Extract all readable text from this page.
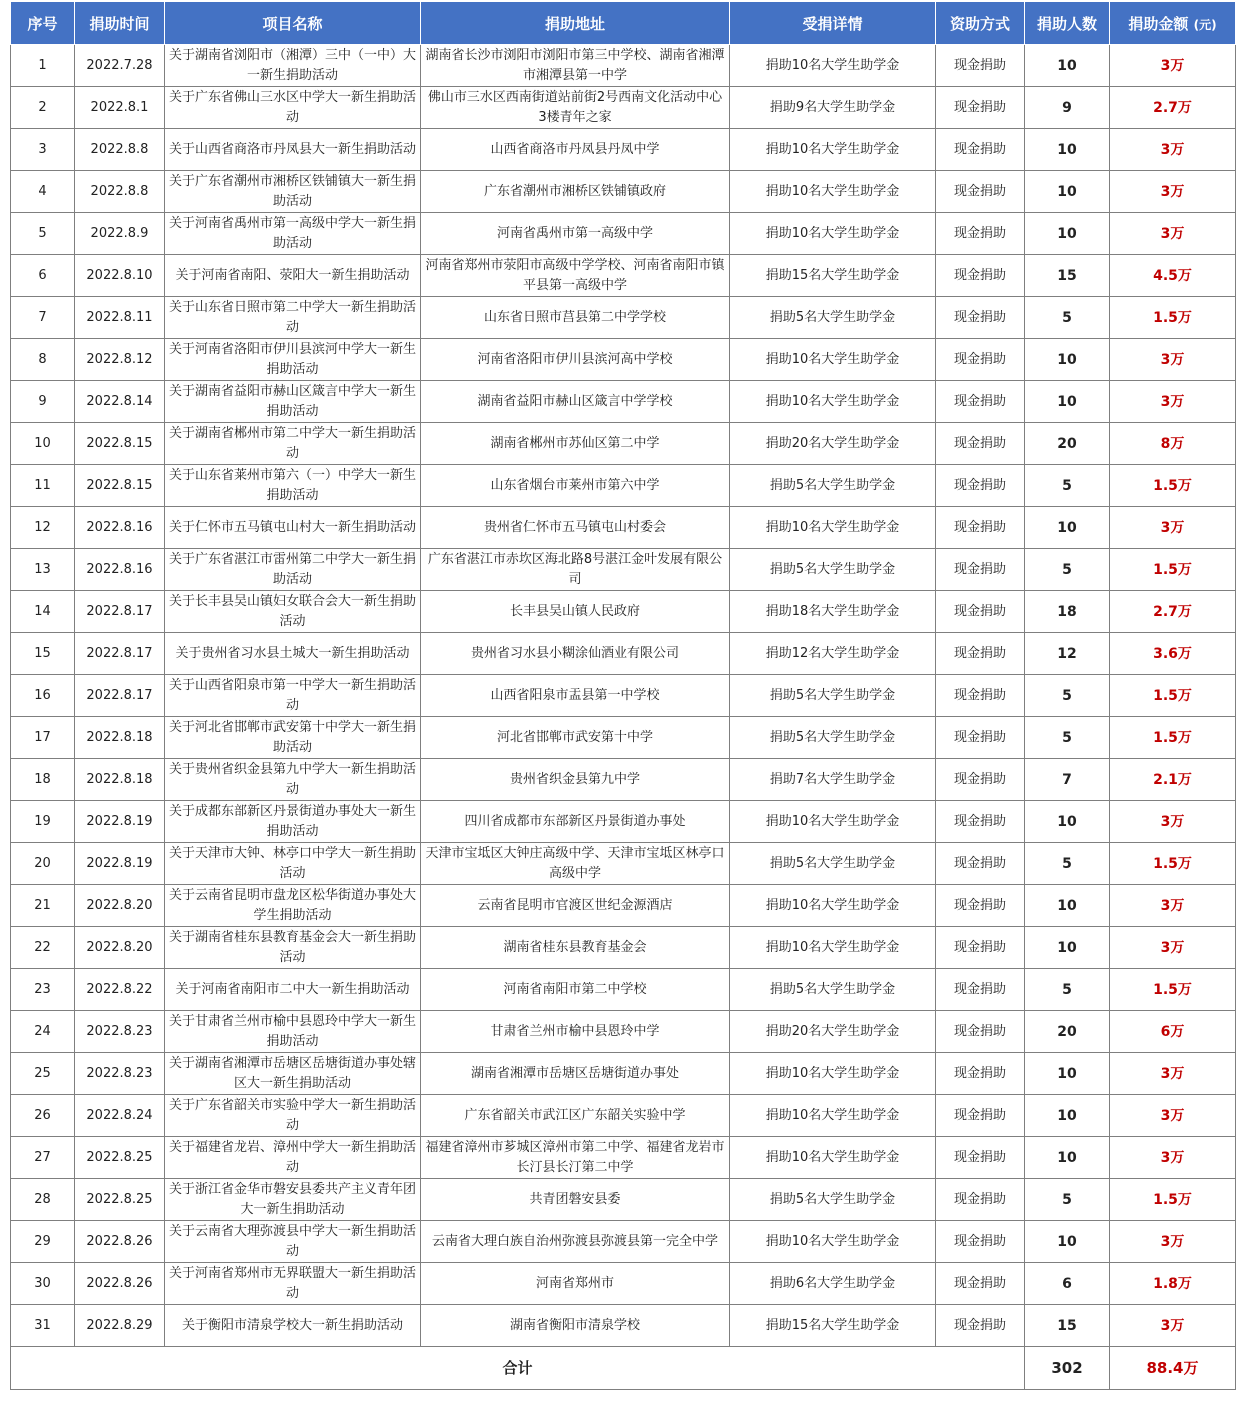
序号	捐助时间	项目名称	捐助地址	受捐详情	资助方式	捐助人数	捐助金额 (元)
1	2022.7.28	关于湖南省浏阳市（湘潭）三中（一中）大一新生捐助活动	湖南省长沙市浏阳市浏阳市第三中学校、湖南省湘潭市湘潭县第一中学	捐助10名大学生助学金	现金捐助	10	3万
2	2022.8.1	关于广东省佛山三水区中学大一新生捐助活动	佛山市三水区西南街道站前街2号西南文化活动中心3楼青年之家	捐助9名大学生助学金	现金捐助	9	2.7万
3	2022.8.8	关于山西省商洛市丹凤县大一新生捐助活动	山西省商洛市丹凤县丹凤中学	捐助10名大学生助学金	现金捐助	10	3万
4	2022.8.8	关于广东省潮州市湘桥区铁铺镇大一新生捐助活动	广东省潮州市湘桥区铁铺镇政府	捐助10名大学生助学金	现金捐助	10	3万
5	2022.8.9	关于河南省禹州市第一高级中学大一新生捐助活动	河南省禹州市第一高级中学	捐助10名大学生助学金	现金捐助	10	3万
6	2022.8.10	关于河南省南阳、荥阳大一新生捐助活动	河南省郑州市荥阳市高级中学学校、河南省南阳市镇平县第一高级中学	捐助15名大学生助学金	现金捐助	15	4.5万
7	2022.8.11	关于山东省日照市第二中学大一新生捐助活动	山东省日照市莒县第二中学学校	捐助5名大学生助学金	现金捐助	5	1.5万
8	2022.8.12	关于河南省洛阳市伊川县滨河中学大一新生捐助活动	河南省洛阳市伊川县滨河高中学校	捐助10名大学生助学金	现金捐助	10	3万
9	2022.8.14	关于湖南省益阳市赫山区箴言中学大一新生捐助活动	湖南省益阳市赫山区箴言中学学校	捐助10名大学生助学金	现金捐助	10	3万
10	2022.8.15	关于湖南省郴州市第二中学大一新生捐助活动	湖南省郴州市苏仙区第二中学	捐助20名大学生助学金	现金捐助	20	8万
11	2022.8.15	关于山东省莱州市第六（一）中学大一新生捐助活动	山东省烟台市莱州市第六中学	捐助5名大学生助学金	现金捐助	5	1.5万
12	2022.8.16	关于仁怀市五马镇屯山村大一新生捐助活动	贵州省仁怀市五马镇屯山村委会	捐助10名大学生助学金	现金捐助	10	3万
13	2022.8.16	关于广东省湛江市雷州第二中学大一新生捐助活动	广东省湛江市赤坎区海北路8号湛江金叶发展有限公司	捐助5名大学生助学金	现金捐助	5	1.5万
14	2022.8.17	关于长丰县吴山镇妇女联合会大一新生捐助活动	长丰县吴山镇人民政府	捐助18名大学生助学金	现金捐助	18	2.7万
15	2022.8.17	关于贵州省习水县土城大一新生捐助活动	贵州省习水县小糊涂仙酒业有限公司	捐助12名大学生助学金	现金捐助	12	3.6万
16	2022.8.17	关于山西省阳泉市第一中学大一新生捐助活动	山西省阳泉市盂县第一中学校	捐助5名大学生助学金	现金捐助	5	1.5万
17	2022.8.18	关于河北省邯郸市武安第十中学大一新生捐助活动	河北省邯郸市武安第十中学	捐助5名大学生助学金	现金捐助	5	1.5万
18	2022.8.18	关于贵州省织金县第九中学大一新生捐助活动	贵州省织金县第九中学	捐助7名大学生助学金	现金捐助	7	2.1万
19	2022.8.19	关于成都东部新区丹景街道办事处大一新生捐助活动	四川省成都市东部新区丹景街道办事处	捐助10名大学生助学金	现金捐助	10	3万
20	2022.8.19	关于天津市大钟、林亭口中学大一新生捐助活动	天津市宝坻区大钟庄高级中学、天津市宝坻区林亭口高级中学	捐助5名大学生助学金	现金捐助	5	1.5万
21	2022.8.20	关于云南省昆明市盘龙区松华街道办事处大学生捐助活动	云南省昆明市官渡区世纪金源酒店	捐助10名大学生助学金	现金捐助	10	3万
22	2022.8.20	关于湖南省桂东县教育基金会大一新生捐助活动	湖南省桂东县教育基金会	捐助10名大学生助学金	现金捐助	10	3万
23	2022.8.22	关于河南省南阳市二中大一新生捐助活动	河南省南阳市第二中学校	捐助5名大学生助学金	现金捐助	5	1.5万
24	2022.8.23	关于甘肃省兰州市榆中县恩玲中学大一新生捐助活动	甘肃省兰州市榆中县恩玲中学	捐助20名大学生助学金	现金捐助	20	6万
25	2022.8.23	关于湖南省湘潭市岳塘区岳塘街道办事处辖区大一新生捐助活动	湖南省湘潭市岳塘区岳塘街道办事处	捐助10名大学生助学金	现金捐助	10	3万
26	2022.8.24	关于广东省韶关市实验中学大一新生捐助活动	广东省韶关市武江区广东韶关实验中学	捐助10名大学生助学金	现金捐助	10	3万
27	2022.8.25	关于福建省龙岩、漳州中学大一新生捐助活动	福建省漳州市芗城区漳州市第二中学、福建省龙岩市长汀县长汀第二中学	捐助10名大学生助学金	现金捐助	10	3万
28	2022.8.25	关于浙江省金华市磐安县委共产主义青年团大一新生捐助活动	共青团磐安县委	捐助5名大学生助学金	现金捐助	5	1.5万
29	2022.8.26	关于云南省大理弥渡县中学大一新生捐助活动	云南省大理白族自治州弥渡县弥渡县第一完全中学	捐助10名大学生助学金	现金捐助	10	3万
30	2022.8.26	关于河南省郑州市无界联盟大一新生捐助活动	河南省郑州市	捐助6名大学生助学金	现金捐助	6	1.8万
31	2022.8.29	关于衡阳市清泉学校大一新生捐助活动	湖南省衡阳市清泉学校	捐助15名大学生助学金	现金捐助	15	3万
合计						302	88.4万
